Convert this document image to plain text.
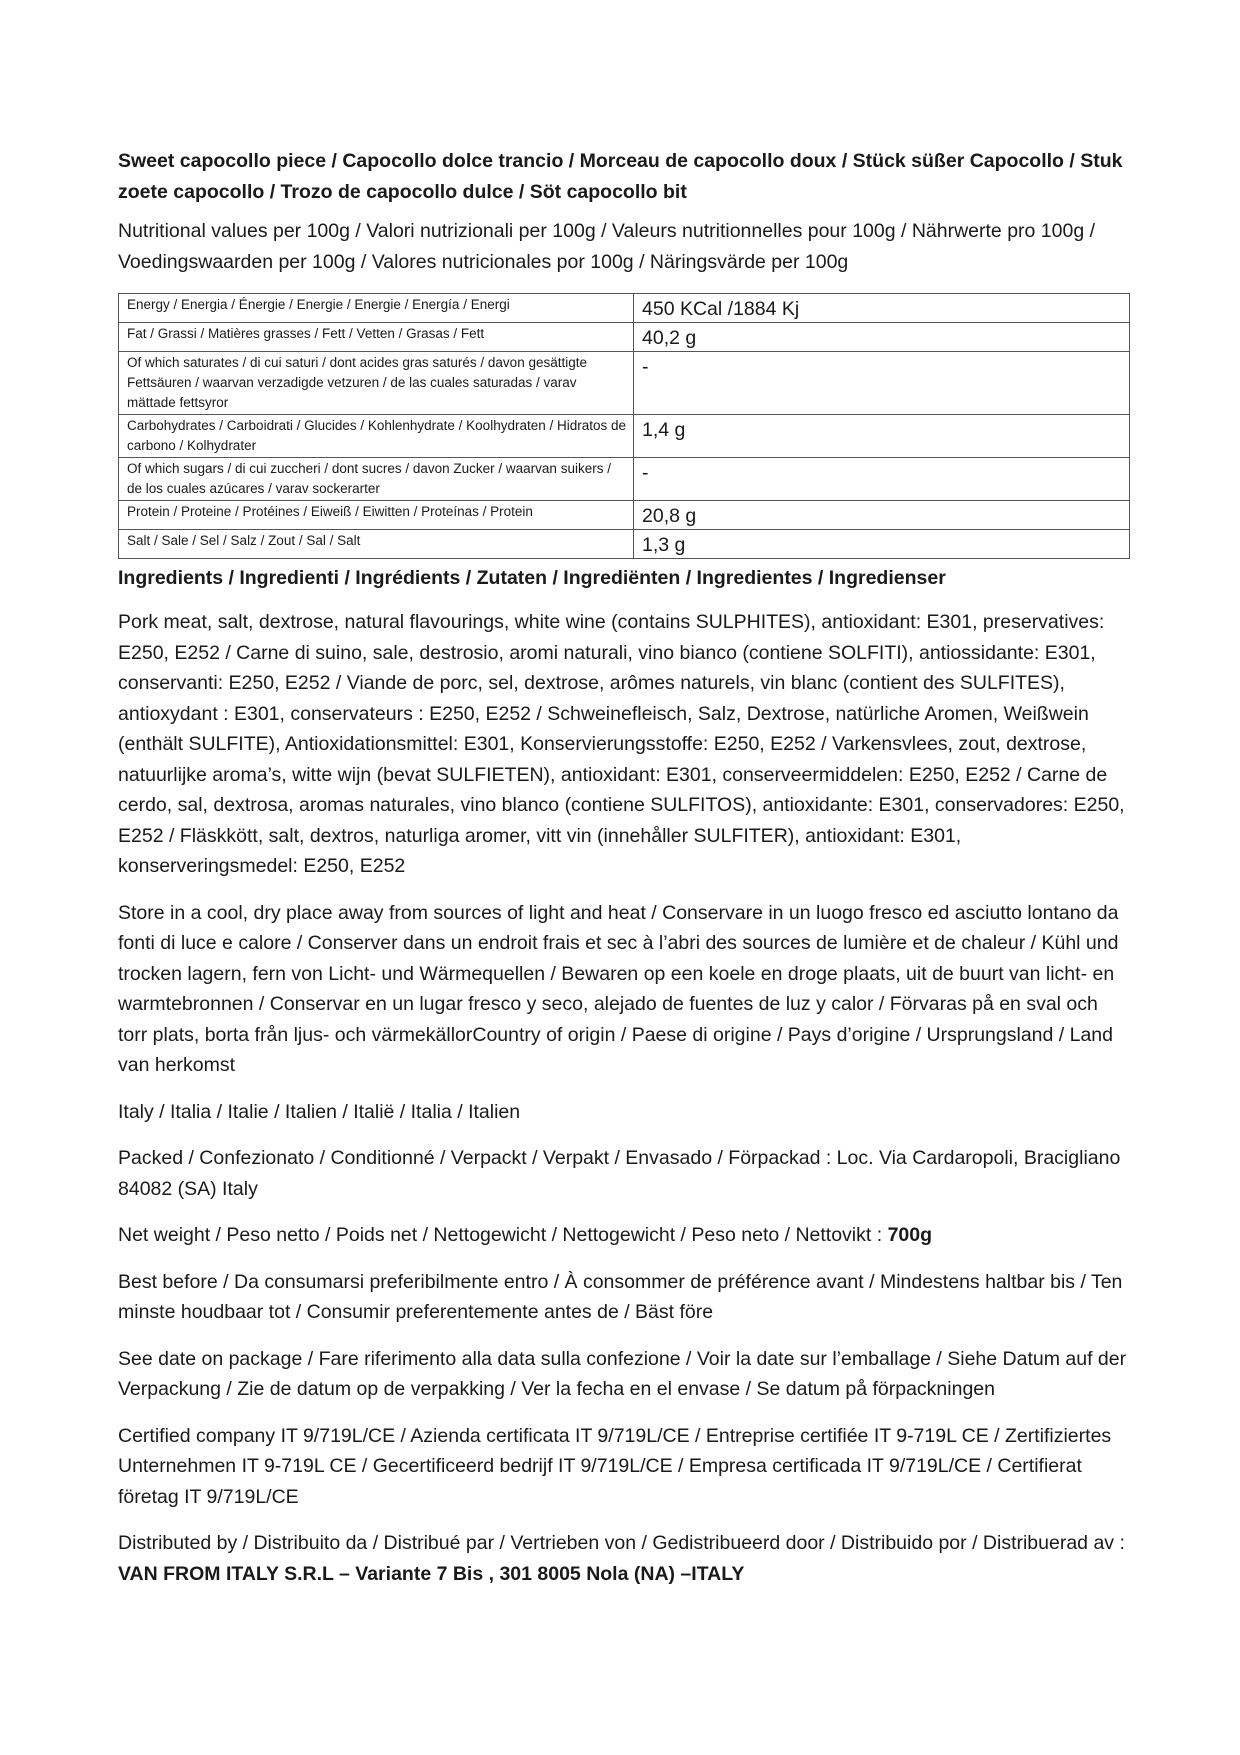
Sweet capocollo piece / Capocollo dolce trancio / Morceau de capocollo doux / Stück süßer Capocollo / Stuk zoete capocollo / Trozo de capocollo dulce / Söt capocollo bit
Nutritional values per 100g / Valori nutrizionali per 100g / Valeurs nutritionnelles pour 100g / Nährwerte pro 100g / Voedingswaarden per 100g / Valores nutricionales por 100g / Näringsvärde per 100g
Energy / Energia / Énergie / Energie / Energie / Energía / Energi	450 KCal /1884 Kj
Fat / Grassi / Matières grasses / Fett / Vetten / Grasas / Fett	40,2 g
Of which saturates / di cui saturi / dont acides gras saturés / davon gesättigte Fettsäuren / waarvan verzadigde vetzuren / de las cuales saturadas / varav mättade fettsyror	-
Carbohydrates / Carboidrati / Glucides / Kohlenhydrate / Koolhydraten / Hidratos de carbono / Kolhydrater	1,4 g
Of which sugars / di cui zuccheri / dont sucres / davon Zucker / waarvan suikers / de los cuales azúcares / varav sockerarter	-
Protein / Proteine / Protéines / Eiweiß / Eiwitten / Proteínas / Protein	20,8 g
Salt / Sale / Sel / Salz / Zout / Sal / Salt	1,3 g
Ingredients / Ingredienti / Ingrédients / Zutaten / Ingrediënten / Ingredientes / Ingredienser
Pork meat, salt, dextrose, natural flavourings, white wine (contains SULPHITES), antioxidant: E301, preservatives: E250, E252 / Carne di suino, sale, destrosio, aromi naturali, vino bianco (contiene SOLFITI), antiossidante: E301, conservanti: E250, E252 / Viande de porc, sel, dextrose, arômes naturels, vin blanc (contient des SULFITES), antioxydant : E301, conservateurs : E250, E252 / Schweinefleisch, Salz, Dextrose, natürliche Aromen, Weißwein (enthält SULFITE), Antioxidationsmittel: E301, Konservierungsstoffe: E250, E252 / Varkensvlees, zout, dextrose, natuurlijke aroma’s, witte wijn (bevat SULFIETEN), antioxidant: E301, conserveermiddelen: E250, E252 / Carne de cerdo, sal, dextrosa, aromas naturales, vino blanco (contiene SULFITOS), antioxidante: E301, conservadores: E250, E252 / Fläskkött, salt, dextros, naturliga aromer, vitt vin (innehåller SULFITER), antioxidant: E301, konserveringsmedel: E250, E252
Store in a cool, dry place away from sources of light and heat / Conservare in un luogo fresco ed asciutto lontano da fonti di luce e calore / Conserver dans un endroit frais et sec à l’abri des sources de lumière et de chaleur / Kühl und trocken lagern, fern von Licht- und Wärmequellen / Bewaren op een koele en droge plaats, uit de buurt van licht- en warmtebronnen / Conservar en un lugar fresco y seco, alejado de fuentes de luz y calor / Förvaras på en sval och torr plats, borta från ljus- och värmekällorCountry of origin / Paese di origine / Pays d’origine / Ursprungsland / Land van herkomst
Italy / Italia / Italie / Italien / Italië / Italia / Italien
Packed / Confezionato / Conditionné / Verpackt / Verpakt / Envasado / Förpackad : Loc. Via Cardaropoli, Bracigliano 84082 (SA) Italy
Net weight / Peso netto / Poids net / Nettogewicht / Nettogewicht / Peso neto / Nettovikt : 700g
Best before / Da consumarsi preferibilmente entro / À consommer de préférence avant / Mindestens haltbar bis / Ten minste houdbaar tot / Consumir preferentemente antes de / Bäst före
See date on package / Fare riferimento alla data sulla confezione / Voir la date sur l’emballage / Siehe Datum auf der Verpackung / Zie de datum op de verpakking / Ver la fecha en el envase / Se datum på förpackningen
Certified company IT 9/719L/CE / Azienda certificata IT 9/719L/CE / Entreprise certifiée IT 9-719L CE / Zertifiziertes Unternehmen IT 9-719L CE / Gecertificeerd bedrijf IT 9/719L/CE / Empresa certificada IT 9/719L/CE / Certifierat företag IT 9/719L/CE
Distributed by / Distribuito da / Distribué par / Vertrieben von / Gedistribueerd door / Distribuido por / Distribuerad av : VAN FROM ITALY S.R.L – Variante 7 Bis , 301 8005 Nola (NA) –ITALY
